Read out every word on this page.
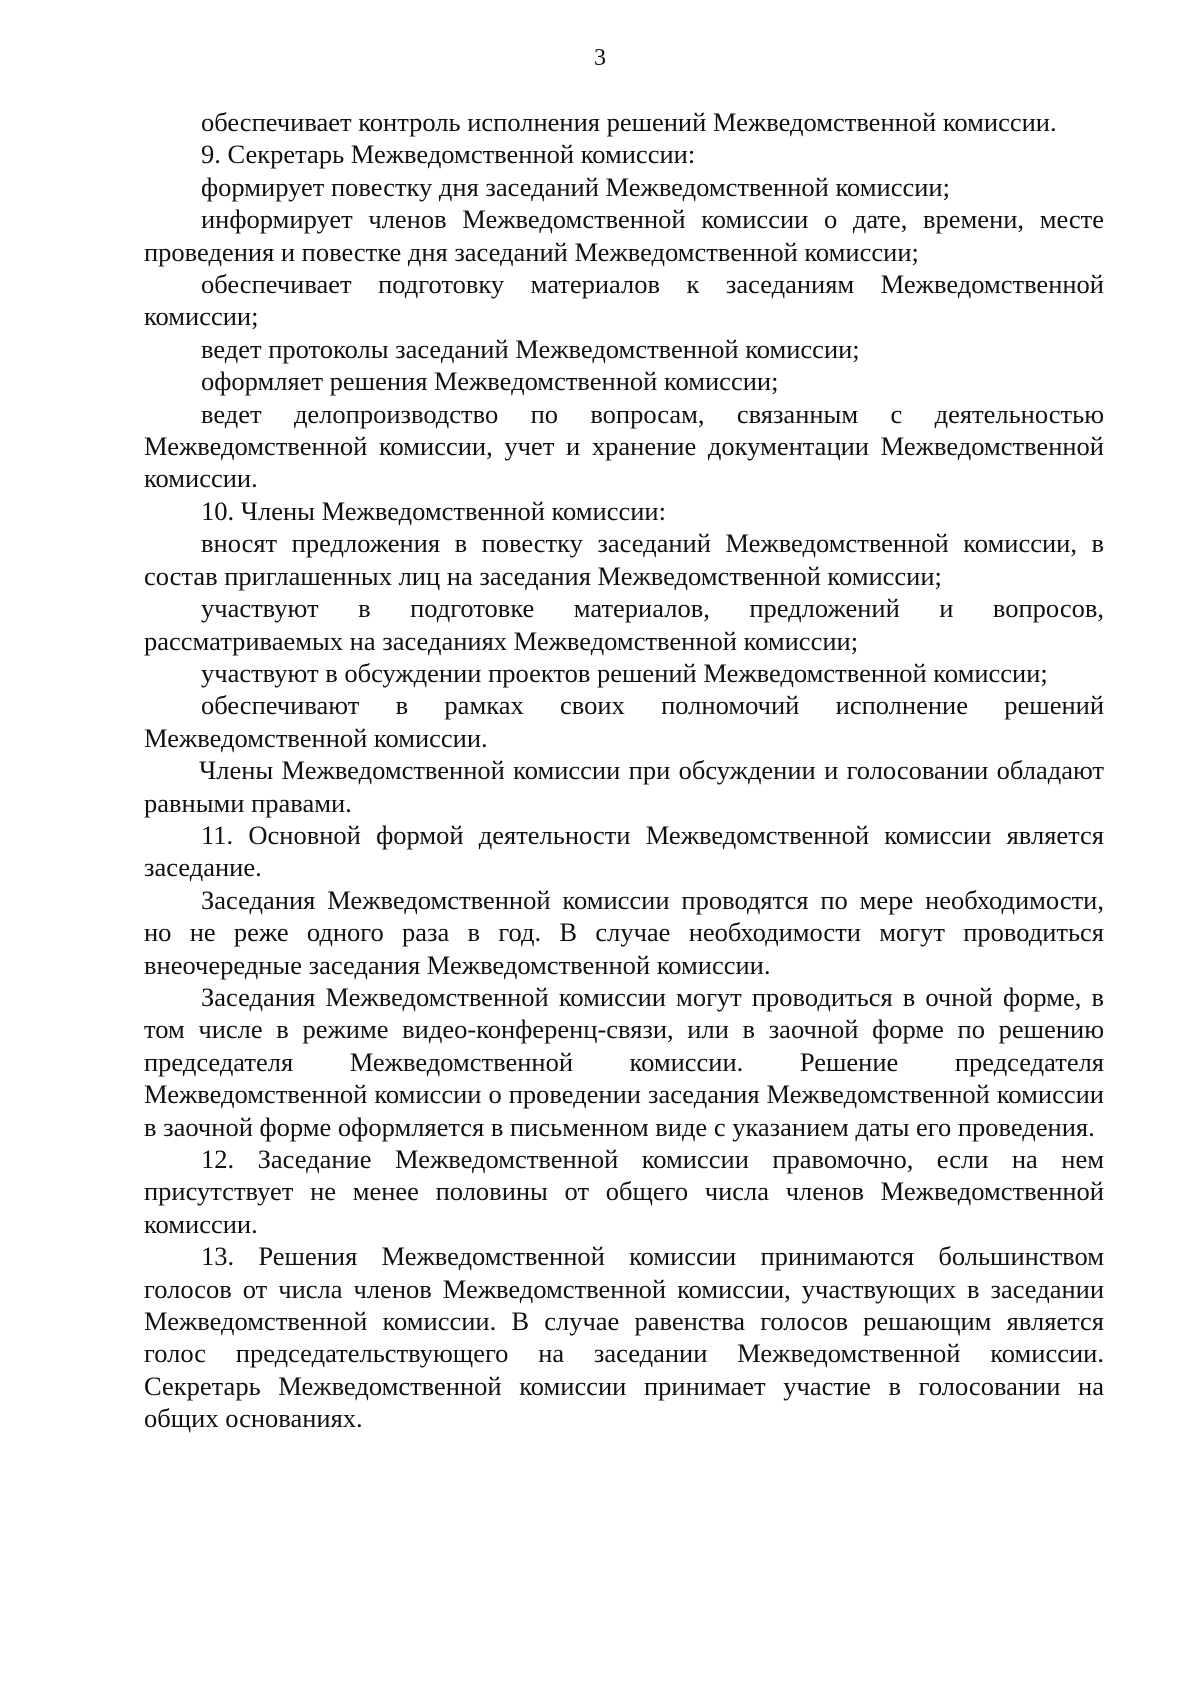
3

обеспечивает контроль исполнения решений Межведомственной комиссии.

9. Секретарь Межведомственной комиссии:

формирует повестку дня заседаний Межведомственной комиссии;

информирует членов Межведомственной комиссии о дате, времени, месте проведения и повестке дня заседаний Межведомственной комиссии;

обеспечивает подготовку материалов к заседаниям Межведомственной комиссии;

ведет протоколы заседаний Межведомственной комиссии;

оформляет решения Межведомственной комиссии;

ведет делопроизводство по вопросам, связанным с деятельностью Межведомственной комиссии, учет и хранение документации Межведомственной комиссии.

10. Члены Межведомственной комиссии:

вносят предложения в повестку заседаний Межведомственной комиссии, в состав приглашенных лиц на заседания Межведомственной комиссии;

участвуют в подготовке материалов, предложений и вопросов, рассматриваемых на заседаниях Межведомственной комиссии;

участвуют в обсуждении проектов решений Межведомственной комиссии;

обеспечивают в рамках своих полномочий исполнение решений Межведомственной комиссии.

Члены Межведомственной комиссии при обсуждении и голосовании обладают равными правами.

11. Основной формой деятельности Межведомственной комиссии является заседание.

Заседания Межведомственной комиссии проводятся по мере необходимости, но не реже одного раза в год. В случае необходимости могут проводиться внеочередные заседания Межведомственной комиссии.

Заседания Межведомственной комиссии могут проводиться в очной форме, в том числе в режиме видео-конференц-связи, или в заочной форме по решению председателя Межведомственной комиссии. Решение председателя Межведомственной комиссии о проведении заседания Межведомственной комиссии в заочной форме оформляется в письменном виде с указанием даты его проведения.

12. Заседание Межведомственной комиссии правомочно, если на нем присутствует не менее половины от общего числа членов Межведомственной комиссии.

13. Решения Межведомственной комиссии принимаются большинством голосов от числа членов Межведомственной комиссии, участвующих в заседании Межведомственной комиссии. В случае равенства голосов решающим является голос председательствующего на заседании Межведомственной комиссии. Секретарь Межведомственной комиссии принимает участие в голосовании на общих основаниях.
